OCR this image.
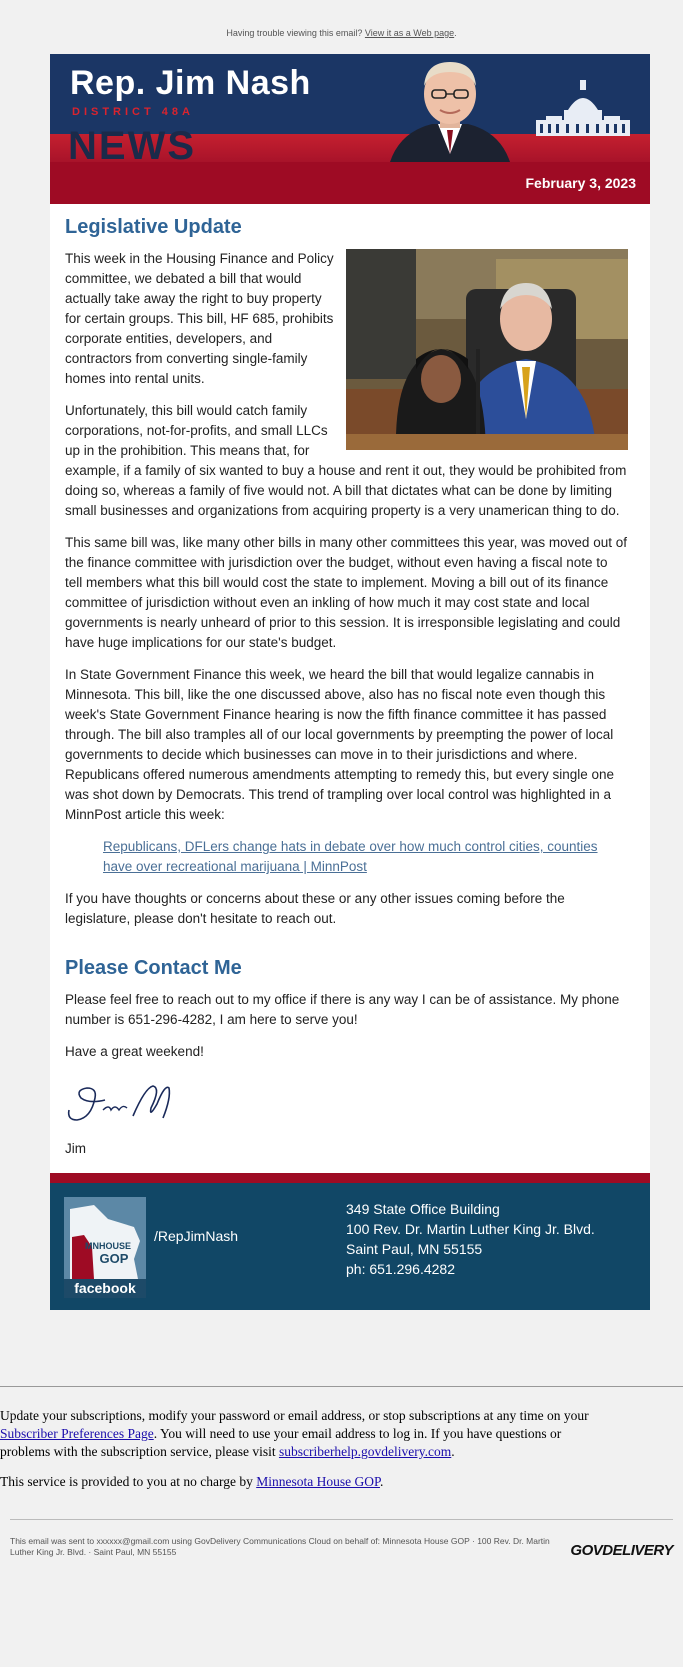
Having trouble viewing this email? View it as a Web page.
Rep. Jim Nash
DISTRICT 48A
NEWS
February 3, 2023
Legislative Update

This week in the Housing Finance and Policy committee, we debated a bill that would actually take away the right to buy property for certain groups. This bill, HF 685, prohibits corporate entities, developers, and contractors from converting single-family homes into rental units.

Unfortunately, this bill would catch family corporations, not-for-profits, and small LLCs up in the prohibition. This means that, for example, if a family of six wanted to buy a house and rent it out, they would be prohibited from doing so, whereas a family of five would not. A bill that dictates what can be done by limiting small businesses and organizations from acquiring property is a very unamerican thing to do.

This same bill was, like many other bills in many other committees this year, was moved out of the finance committee with jurisdiction over the budget, without even having a fiscal note to tell members what this bill would cost the state to implement. Moving a bill out of its finance committee of jurisdiction without even an inkling of how much it may cost state and local governments is nearly unheard of prior to this session. It is irresponsible legislating and could have huge implications for our state's budget.

In State Government Finance this week, we heard the bill that would legalize cannabis in Minnesota. This bill, like the one discussed above, also has no fiscal note even though this week's State Government Finance hearing is now the fifth finance committee it has passed through. The bill also tramples all of our local governments by preempting the power of local governments to decide which businesses can move in to their jurisdictions and where. Republicans offered numerous amendments attempting to remedy this, but every single one was shot down by Democrats. This trend of trampling over local control was highlighted in a MinnPost article this week:

Republicans, DFLers change hats in debate over how much control cities, counties have over recreational marijuana | MinnPost

If you have thoughts or concerns about these or any other issues coming before the legislature, please don't hesitate to reach out.

Please Contact Me

Please feel free to reach out to my office if there is any way I can be of assistance. My phone number is 651-296-4282, I am here to serve you!

Have a great weekend!

Jim

MNHOUSE
GOP
facebook
/RepJimNash
349 State Office Building
100 Rev. Dr. Martin Luther King Jr. Blvd.
Saint Paul, MN 55155
ph: 651.296.4282

Update your subscriptions, modify your password or email address, or stop subscriptions at any time on your
Subscriber Preferences Page. You will need to use your email address to log in. If you have questions or
problems with the subscription service, please visit subscriberhelp.govdelivery.com.

This service is provided to you at no charge by Minnesota House GOP.

This email was sent to xxxxxx@gmail.com using GovDelivery Communications Cloud on behalf of: Minnesota House GOP · 100 Rev. Dr. Martin Luther King Jr. Blvd. · Saint Paul, MN 55155	GOVDELIVERY
